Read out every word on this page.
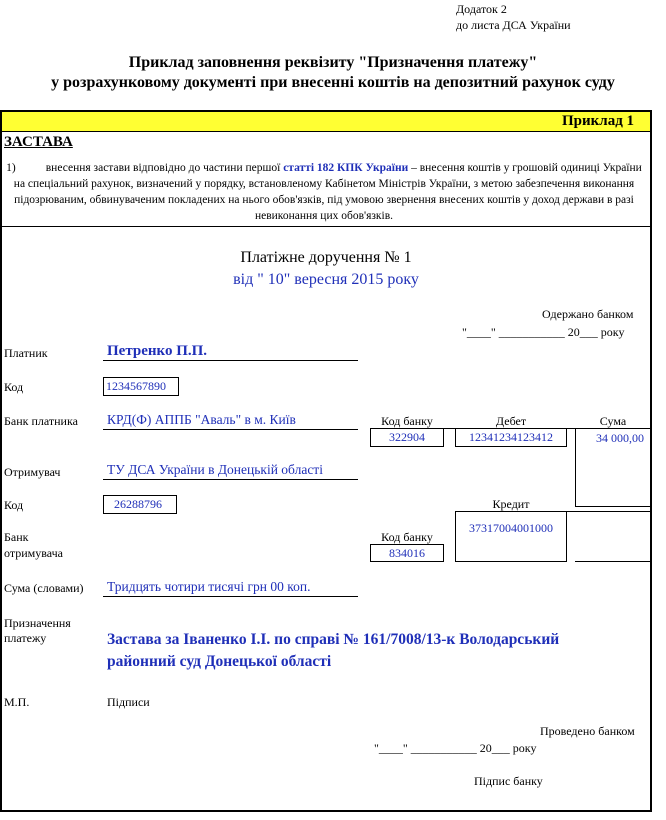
Додаток 2
до листа ДСА України
Приклад заповнення реквізиту "Призначення платежу"
у розрахунковому документі при внесенні коштів на депозитний рахунок суду
Приклад 1
ЗАСТАВА
1)	внесення застави відповідно до частини першої статті 182 КПК України – внесення коштів у грошовій одиниці України на спеціальний рахунок, визначений у порядку, встановленому Кабінетом Міністрів України, з метою забезпечення виконання підозрюваним, обвинуваченим покладених на нього обов'язків, під умовою звернення внесених коштів у доход держави в разі невиконання цих обов'язків.
Платіжне доручення № 1
від " 10" вересня 2015 року
Одержано банком
"____" ___________ 20___ року
Платник	Петренко П.П.
Код	1234567890
Банк платника КРД(Ф) АППБ "Аваль" в м. Київ	Код банку	Дебет	Сума
322904	12341234123412	34 000,00
Отримувач	ТУ ДСА України в Донецькій області
Код	26288796	Кредит
37317004001000
Банк
отримувача
Код банку
834016
Сума (словами) Тридцять чотири тисячі грн 00 коп.
Призначення
платежу	Застава за Іваненко І.І. по справі № 161/7008/13-к Володарський
районний суд Донецької області
М.П.	Підписи
Проведено банком
"____" ___________ 20___ року
Підпис банку
